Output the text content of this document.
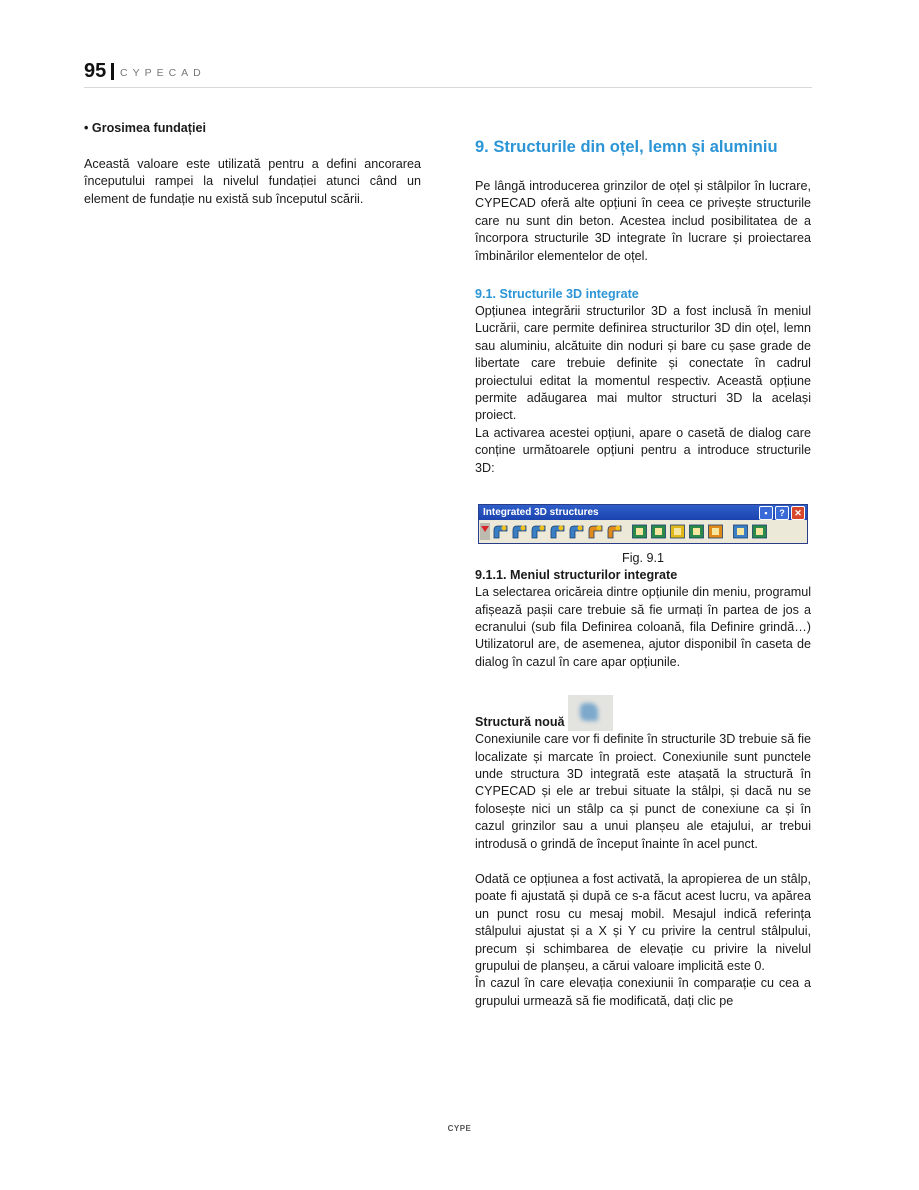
95 CYPECAD

• Grosimea fundației

Această valoare este utilizată pentru a defini ancorarea începutului rampei la nivelul fundației atunci când un element de fundație nu există sub începutul scării.

9. Structurile din oțel, lemn și aluminiu

Pe lângă introducerea grinzilor de oțel și stâlpilor în lucrare, CYPECAD oferă alte opțiuni în ceea ce privește structurile care nu sunt din beton. Acestea includ posibilitatea de a încorpora structurile 3D integrate în lucrare și proiectarea îmbinărilor elementelor de oțel.

9.1. Structurile 3D integrate

Opțiunea integrării structurilor 3D a fost inclusă în meniul Lucrării, care permite definirea structurilor 3D din oțel, lemn sau aluminiu, alcătuite din noduri și bare cu șase grade de libertate care trebuie definite și conectate în cadrul proiectului editat la momentul respectiv. Această opțiune permite adăugarea mai multor structuri 3D la același proiect.

La activarea acestei opțiuni, apare o casetă de dialog care conține următoarele opțiuni pentru a introduce structurile 3D:

Integrated 3D structures	▪	?	✕

Fig. 9.1

9.1.1. Meniul structurilor integrate

La selectarea oricăreia dintre opțiunile din meniu, programul afișează pașii care trebuie să fie urmați în partea de jos a ecranului (sub fila Definirea coloană, fila Definire grindă…) Utilizatorul are, de asemenea, ajutor disponibil în caseta de dialog în cazul în care apar opțiunile.

Structură nouă

Conexiunile care vor fi definite în structurile 3D trebuie să fie localizate și marcate în proiect. Conexiunile sunt punctele unde structura 3D integrată este atașată la structură în CYPECAD și ele ar trebui situate la stâlpi, și dacă nu se folosește nici un stâlp ca și punct de conexiune ca și în cazul grinzilor sau a unui planșeu ale etajului, ar trebui introdusă o grindă de început înainte în acel punct.

Odată ce opțiunea a fost activată, la apropierea de un stâlp, poate fi ajustată și după ce s-a făcut acest lucru, va apărea un punct rosu cu mesaj mobil. Mesajul indică referința stâlpului ajustat și a X și Y cu privire la centrul stâlpului, precum și schimbarea de elevație cu privire la nivelul grupului de planșeu, a cărui valoare implicită este 0.

În cazul în care elevația conexiunii în comparație cu cea a grupului urmează să fie modificată, dați clic pe

CYPE
